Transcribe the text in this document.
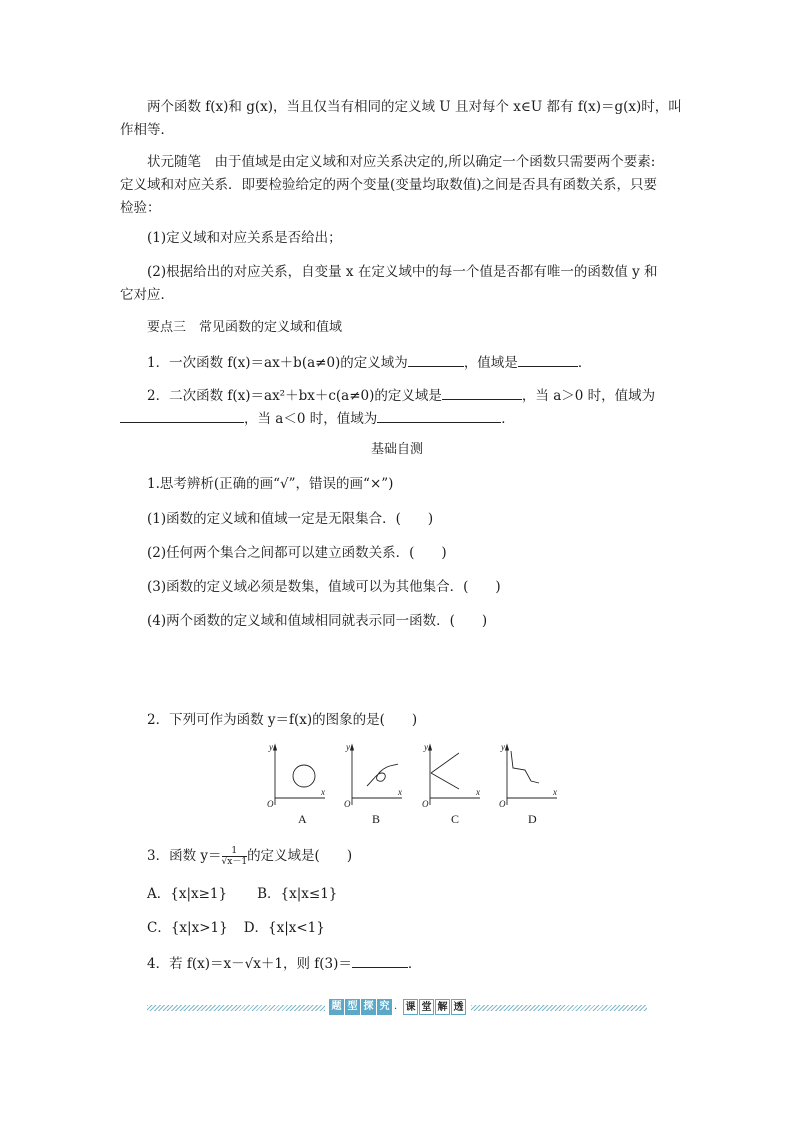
两个函数 f(x)和 g(x)，当且仅当有相同的定义域 U 且对每个 x∈U 都有 f(x)＝g(x)时，叫
作相等．
状元随笔　由于值域是由定义域和对应关系决定的,所以确定一个函数只需要两个要素:
定义域和对应关系．即要检验给定的两个变量(变量均取数值)之间是否具有函数关系，只要
检验：
(1)定义域和对应关系是否给出；
(2)根据给出的对应关系，自变量 x 在定义域中的每一个值是否都有唯一的函数值 y 和
它对应．
要点三　常见函数的定义域和值域
1．一次函数 f(x)＝ax＋b(a≠0)的定义域为	，值域是	．
2．二次函数 f(x)＝ax²＋bx＋c(a≠0)的定义域是	，当 a＞0 时，值域为
，当 a＜0 时，值域为	．
基础自测
1.思考辨析(正确的画“√”，错误的画“×”)
(1)函数的定义域和值域一定是无限集合．(　　)
(2)任何两个集合之间都可以建立函数关系．(　　)
(3)函数的定义域必须是数集，值域可以为其他集合．(　　)
(4)两个函数的定义域和值域相同就表示同一函数．(　　)
2．下列可作为函数 y＝f(x)的图象的是(　　)
y
x
O
y
x
O
y
x
O
y
x
O
A	B	C	D
3．函数 $y= \frac{1}{√x-1}$ 的定义域是(　　)
A．{x|x≥1} B．{x|x≤1}
C．{x|x>1} D．{x|x<1}
4．若 f(x)＝x－√x＋1，则 f(3)＝	．
题 型 探 究 · 课 堂 解 透
